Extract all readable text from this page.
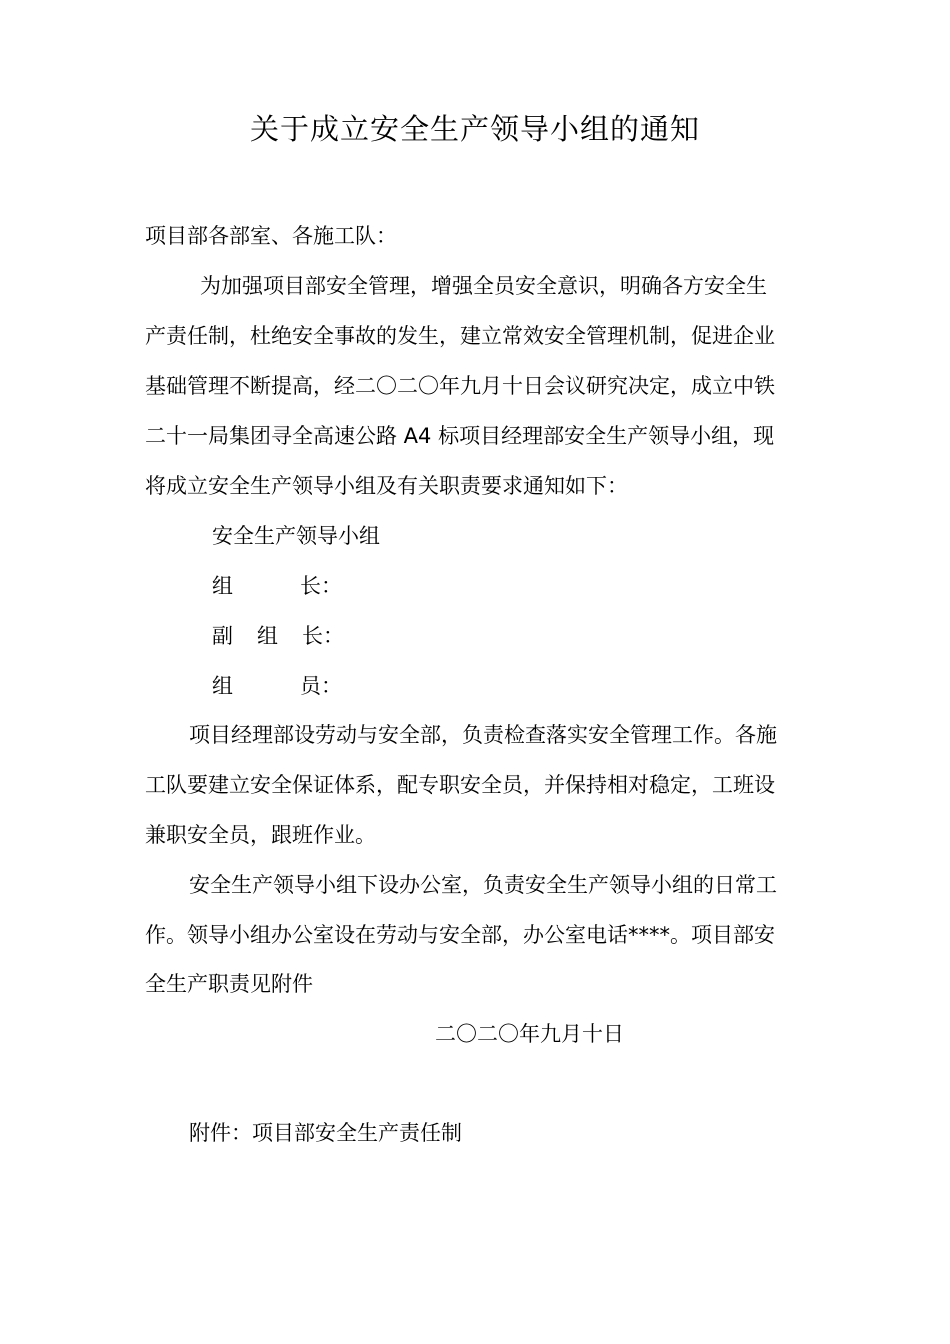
关于成立安全生产领导小组的通知

项目部各部室、各施工队：

为加强项目部安全管理，增强全员安全意识，明确各方安全生

产责任制，杜绝安全事故的发生，建立常效安全管理机制，促进企业

基础管理不断提高，经二〇二〇年九月十日会议研究决定，成立中铁

二十一局集团寻全高速公路 A4 标项目经理部安全生产领导小组，现

将成立安全生产领导小组及有关职责要求通知如下：

安全生产领导小组

组	长：

副 组 长：

组	员：

项目经理部设劳动与安全部，负责检查落实安全管理工作。各施

工队要建立安全保证体系，配专职安全员，并保持相对稳定，工班设

兼职安全员，跟班作业。

安全生产领导小组下设办公室，负责安全生产领导小组的日常工

作。领导小组办公室设在劳动与安全部，办公室电话****。项目部安

全生产职责见附件

二〇二〇年九月十日

附件：项目部安全生产责任制
